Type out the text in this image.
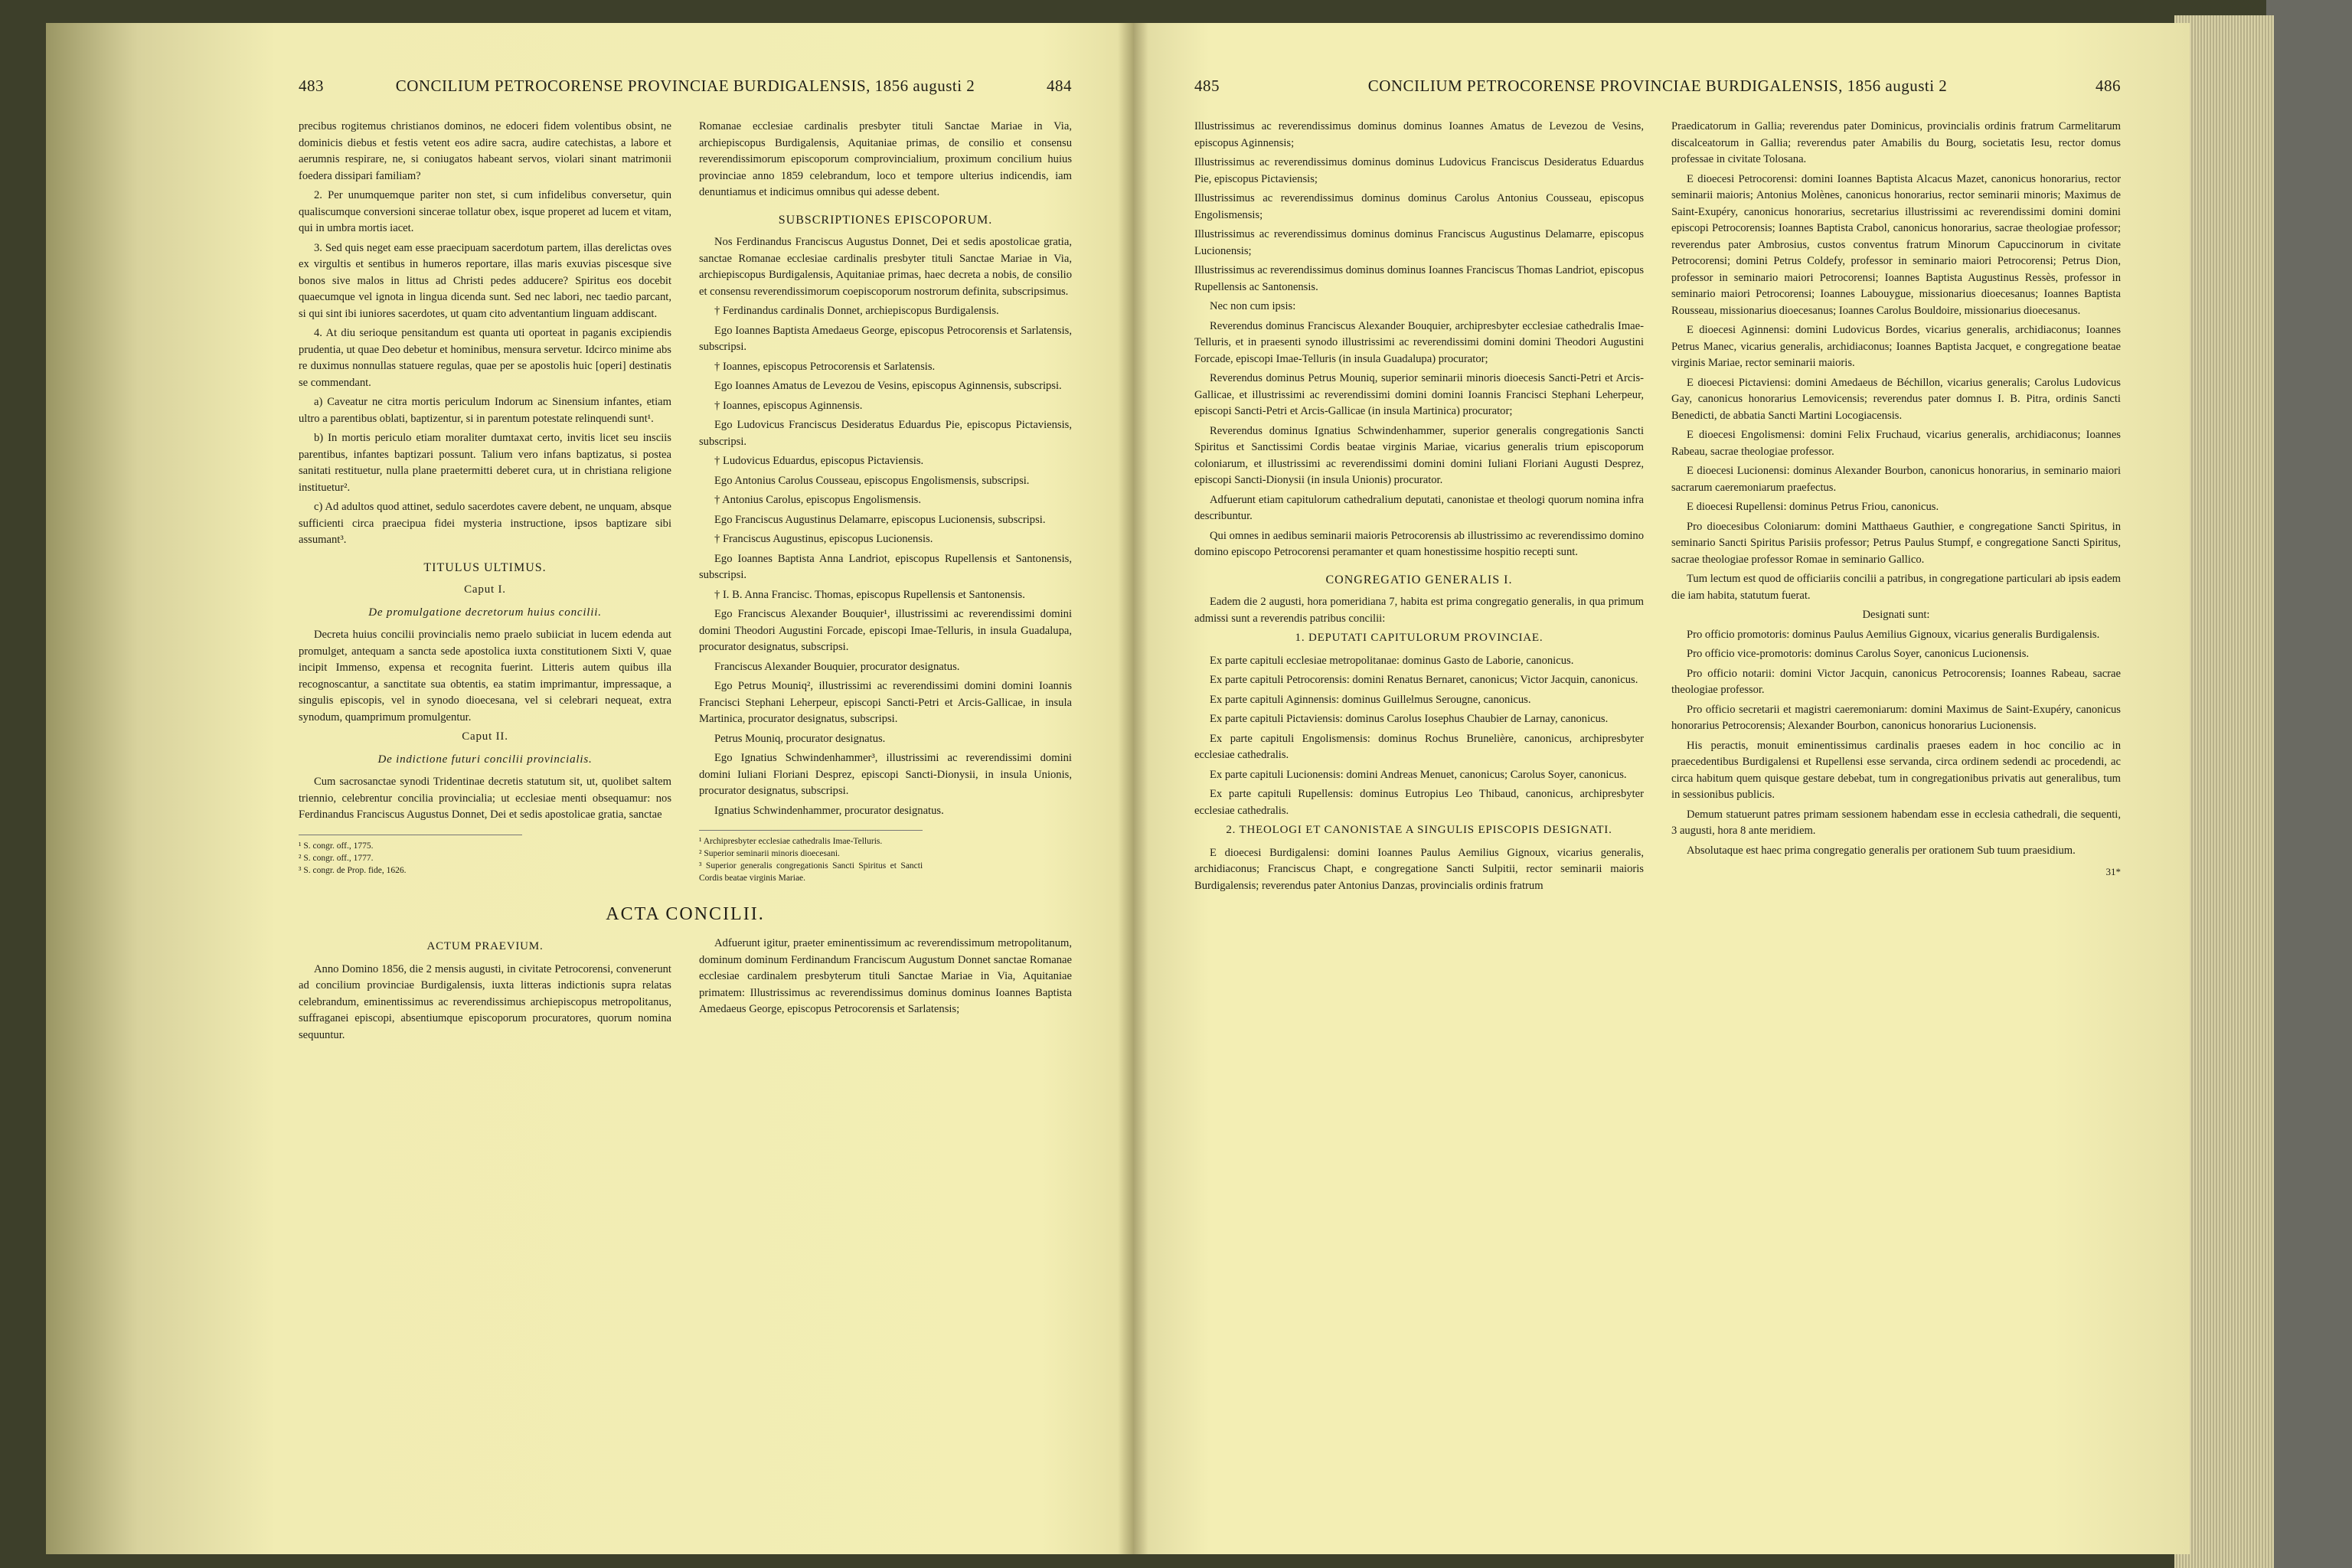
483	CONCILIUM PETROCORENSE PROVINCIAE BURDIGALENSIS, 1856 augusti 2	484

precibus rogitemus christianos dominos, ne edoceri fidem volentibus obsint, ne dominicis diebus et festis vetent eos adire sacra, audire catechistas, a labore et aerumnis respirare, ne, si coniugatos habeant servos, violari sinant matrimonii foedera dissipari familiam?

2. Per unumquemque pariter non stet, si cum infidelibus conversetur, quin qualiscumque conversioni sincerae tollatur obex, isque properet ad lucem et vitam, qui in umbra mortis iacet.

3. Sed quis neget eam esse praecipuam sacerdotum partem, illas derelictas oves ex virgultis et sentibus in humeros reportare, illas maris exuvias piscesque sive bonos sive malos in littus ad Christi pedes adducere? Spiritus eos docebit quaecumque vel ignota in lingua dicenda sunt. Sed nec labori, nec taedio parcant, si qui sint ibi iuniores sacerdotes, ut quam cito adventantium linguam addiscant.

4. At diu serioque pensitandum est quanta uti oporteat in paganis excipiendis prudentia, ut quae Deo debetur et hominibus, mensura servetur. Idcirco minime abs re duximus nonnullas statuere regulas, quae per se apostolis huic [operi] destinatis se commendant.

a) Caveatur ne citra mortis periculum Indorum ac Sinensium infantes, etiam ultro a parentibus oblati, baptizentur, si in parentum potestate relinquendi sunt¹.

b) In mortis periculo etiam moraliter dumtaxat certo, invitis licet seu insciis parentibus, infantes baptizari possunt. Talium vero infans baptizatus, si postea sanitati restituetur, nulla plane praetermitti deberet cura, ut in christiana religione instituetur².

c) Ad adultos quod attinet, sedulo sacerdotes cavere debent, ne unquam, absque sufficienti circa praecipua fidei mysteria instructione, ipsos baptizare sibi assumant³.

TITULUS ULTIMUS.
Caput I.
De promulgatione decretorum huius concilii.

Decreta huius concilii provincialis nemo praelo subiiciat in lucem edenda aut promulget, antequam a sancta sede apostolica iuxta constitutionem Sixti V, quae incipit Immenso, expensa et recognita fuerint. Litteris autem quibus illa recognoscantur, a sanctitate sua obtentis, ea statim imprimantur, impressaque, a singulis episcopis, vel in synodo dioecesana, vel si celebrari nequeat, extra synodum, quamprimum promulgentur.

Caput II.
De indictione futuri concilii provincialis.

Cum sacrosanctae synodi Tridentinae decretis statutum sit, ut, quolibet saltem triennio, celebrentur concilia provincialia; ut ecclesiae menti obsequamur: nos Ferdinandus Franciscus Augustus Donnet, Dei et sedis apostolicae gratia, sanctae

¹ S. congr. off., 1775.
² S. congr. off., 1777.
³ S. congr. de Prop. fide, 1626.

Romanae ecclesiae cardinalis presbyter tituli Sanctae Mariae in Via, archiepiscopus Burdigalensis, Aquitaniae primas, de consilio et consensu reverendissimorum episcoporum comprovincialium, proximum concilium huius provinciae anno 1859 celebrandum, loco et tempore ulterius indicendis, iam denuntiamus et indicimus omnibus qui adesse debent.

SUBSCRIPTIONES EPISCOPORUM.

Nos Ferdinandus Franciscus Augustus Donnet, Dei et sedis apostolicae gratia, sanctae Romanae ecclesiae cardinalis presbyter tituli Sanctae Mariae in Via, archiepiscopus Burdigalensis, Aquitaniae primas, haec decreta a nobis, de consilio et consensu reverendissimorum coepiscoporum nostrorum definita, subscripsimus.

† Ferdinandus cardinalis Donnet, archiepiscopus Burdigalensis.

Ego Ioannes Baptista Amedaeus George, episcopus Petrocorensis et Sarlatensis, subscripsi.

† Ioannes, episcopus Petrocorensis et Sarlatensis.

Ego Ioannes Amatus de Levezou de Vesins, episcopus Aginnensis, subscripsi.

† Ioannes, episcopus Aginnensis.

Ego Ludovicus Franciscus Desideratus Eduardus Pie, episcopus Pictaviensis, subscripsi.

† Ludovicus Eduardus, episcopus Pictaviensis.

Ego Antonius Carolus Cousseau, episcopus Engolismensis, subscripsi.

† Antonius Carolus, episcopus Engolismensis.

Ego Franciscus Augustinus Delamarre, episcopus Lucionensis, subscripsi.

† Franciscus Augustinus, episcopus Lucionensis.

Ego Ioannes Baptista Anna Landriot, episcopus Rupellensis et Santonensis, subscripsi.

† I. B. Anna Francisc. Thomas, episcopus Rupellensis et Santonensis.

Ego Franciscus Alexander Bouquier¹, illustrissimi ac reverendissimi domini domini Theodori Augustini Forcade, episcopi Imae-Telluris, in insula Guadalupa, procurator designatus, subscripsi.

Franciscus Alexander Bouquier, procurator designatus.

Ego Petrus Mouniq², illustrissimi ac reverendissimi domini domini Ioannis Francisci Stephani Leherpeur, episcopi Sancti-Petri et Arcis-Gallicae, in insula Martinica, procurator designatus, subscripsi.

Petrus Mouniq, procurator designatus.

Ego Ignatius Schwindenhammer³, illustrissimi ac reverendissimi domini domini Iuliani Floriani Desprez, episcopi Sancti-Dionysii, in insula Unionis, procurator designatus, subscripsi.

Ignatius Schwindenhammer, procurator designatus.

¹ Archipresbyter ecclesiae cathedralis Imae-Telluris.
² Superior seminarii minoris dioecesani.
³ Superior generalis congregationis Sancti Spiritus et Sancti Cordis beatae virginis Mariae.
ACTA CONCILII.
ACTUM PRAEVIUM.

Anno Domino 1856, die 2 mensis augusti, in civitate Petrocorensi, convenerunt ad concilium provinciae Burdigalensis, iuxta litteras indictionis supra relatas celebrandum, eminentissimus ac reverendissimus archiepiscopus metropolitanus, suffraganei episcopi, absentiumque episcoporum procuratores, quorum nomina sequuntur.

Adfuerunt igitur, praeter eminentissimum ac reverendissimum metropolitanum, dominum dominum Ferdinandum Franciscum Augustum Donnet sanctae Romanae ecclesiae cardinalem presbyterum tituli Sanctae Mariae in Via, Aquitaniae primatem: Illustrissimus ac reverendissimus dominus dominus Ioannes Baptista Amedaeus George, episcopus Petrocorensis et Sarlatensis;

485	CONCILIUM PETROCORENSE PROVINCIAE BURDIGALENSIS, 1856 augusti 2	486

Illustrissimus ac reverendissimus dominus dominus Ioannes Amatus de Levezou de Vesins, episcopus Aginnensis;

Illustrissimus ac reverendissimus dominus dominus Ludovicus Franciscus Desideratus Eduardus Pie, episcopus Pictaviensis;

Illustrissimus ac reverendissimus dominus dominus Carolus Antonius Cousseau, episcopus Engolismensis;

Illustrissimus ac reverendissimus dominus dominus Franciscus Augustinus Delamarre, episcopus Lucionensis;

Illustrissimus ac reverendissimus dominus dominus Ioannes Franciscus Thomas Landriot, episcopus Rupellensis ac Santonensis.

Nec non cum ipsis:

Reverendus dominus Franciscus Alexander Bouquier, archipresbyter ecclesiae cathedralis Imae-Telluris, et in praesenti synodo illustrissimi ac reverendissimi domini domini Theodori Augustini Forcade, episcopi Imae-Telluris (in insula Guadalupa) procurator;

Reverendus dominus Petrus Mouniq, superior seminarii minoris dioecesis Sancti-Petri et Arcis-Gallicae, et illustrissimi ac reverendissimi domini domini Ioannis Francisci Stephani Leherpeur, episcopi Sancti-Petri et Arcis-Gallicae (in insula Martinica) procurator;

Reverendus dominus Ignatius Schwindenhammer, superior generalis congregationis Sancti Spiritus et Sanctissimi Cordis beatae virginis Mariae, vicarius generalis trium episcoporum coloniarum, et illustrissimi ac reverendissimi domini domini Iuliani Floriani Augusti Desprez, episcopi Sancti-Dionysii (in insula Unionis) procurator.

Adfuerunt etiam capitulorum cathedralium deputati, canonistae et theologi quorum nomina infra describuntur.

Qui omnes in aedibus seminarii maioris Petrocorensis ab illustrissimo ac reverendissimo domino domino episcopo Petrocorensi peramanter et quam honestissime hospitio recepti sunt.

CONGREGATIO GENERALIS I.

Eadem die 2 augusti, hora pomeridiana 7, habita est prima congregatio generalis, in qua primum admissi sunt a reverendis patribus concilii:

1. DEPUTATI CAPITULORUM PROVINCIAE.

Ex parte capituli ecclesiae metropolitanae: dominus Gasto de Laborie, canonicus.

Ex parte capituli Petrocorensis: domini Renatus Bernaret, canonicus; Victor Jacquin, canonicus.

Ex parte capituli Aginnensis: dominus Guillelmus Serougne, canonicus.

Ex parte capituli Pictaviensis: dominus Carolus Iosephus Chaubier de Larnay, canonicus.

Ex parte capituli Engolismensis: dominus Rochus Brunelière, canonicus, archipresbyter ecclesiae cathedralis.

Ex parte capituli Lucionensis: domini Andreas Menuet, canonicus; Carolus Soyer, canonicus.

Ex parte capituli Rupellensis: dominus Eutropius Leo Thibaud, canonicus, archipresbyter ecclesiae cathedralis.

2. THEOLOGI ET CANONISTAE A SINGULIS EPISCOPIS DESIGNATI.

E dioecesi Burdigalensi: domini Ioannes Paulus Aemilius Gignoux, vicarius generalis, archidiaconus; Franciscus Chapt, e congregatione Sancti Sulpitii, rector seminarii maioris Burdigalensis; reverendus pater Antonius Danzas, provincialis ordinis fratrum

Praedicatorum in Gallia; reverendus pater Dominicus, provincialis ordinis fratrum Carmelitarum discalceatorum in Gallia; reverendus pater Amabilis du Bourg, societatis Iesu, rector domus professae in civitate Tolosana.

E dioecesi Petrocorensi: domini Ioannes Baptista Alcacus Mazet, canonicus honorarius, rector seminarii maioris; Antonius Molènes, canonicus honorarius, rector seminarii minoris; Maximus de Saint-Exupéry, canonicus honorarius, secretarius illustrissimi ac reverendissimi domini domini episcopi Petrocorensis; Ioannes Baptista Crabol, canonicus honorarius, sacrae theologiae professor; reverendus pater Ambrosius, custos conventus fratrum Minorum Capuccinorum in civitate Petrocorensi; domini Petrus Coldefy, professor in seminario maiori Petrocorensi; Petrus Dion, professor in seminario maiori Petrocorensi; Ioannes Baptista Augustinus Ressès, professor in seminario maiori Petrocorensi; Ioannes Labouygue, missionarius dioecesanus; Ioannes Baptista Rousseau, missionarius dioecesanus; Ioannes Carolus Bouldoire, missionarius dioecesanus.

E dioecesi Aginnensi: domini Ludovicus Bordes, vicarius generalis, archidiaconus; Ioannes Petrus Manec, vicarius generalis, archidiaconus; Ioannes Baptista Jacquet, e congregatione beatae virginis Mariae, rector seminarii maioris.

E dioecesi Pictaviensi: domini Amedaeus de Béchillon, vicarius generalis; Carolus Ludovicus Gay, canonicus honorarius Lemovicensis; reverendus pater domnus I. B. Pitra, ordinis Sancti Benedicti, de abbatia Sancti Martini Locogiacensis.

E dioecesi Engolismensi: domini Felix Fruchaud, vicarius generalis, archidiaconus; Ioannes Rabeau, sacrae theologiae professor.

E dioecesi Lucionensi: dominus Alexander Bourbon, canonicus honorarius, in seminario maiori sacrarum caeremoniarum praefectus.

E dioecesi Rupellensi: dominus Petrus Friou, canonicus.

Pro dioecesibus Coloniarum: domini Matthaeus Gauthier, e congregatione Sancti Spiritus, in seminario Sancti Spiritus Parisiis professor; Petrus Paulus Stumpf, e congregatione Sancti Spiritus, sacrae theologiae professor Romae in seminario Gallico.

Tum lectum est quod de officiariis concilii a patribus, in congregatione particulari ab ipsis eadem die iam habita, statutum fuerat.

Designati sunt:

Pro officio promotoris: dominus Paulus Aemilius Gignoux, vicarius generalis Burdigalensis.

Pro officio vice-promotoris: dominus Carolus Soyer, canonicus Lucionensis.

Pro officio notarii: domini Victor Jacquin, canonicus Petrocorensis; Ioannes Rabeau, sacrae theologiae professor.

Pro officio secretarii et magistri caeremoniarum: domini Maximus de Saint-Exupéry, canonicus honorarius Petrocorensis; Alexander Bourbon, canonicus honorarius Lucionensis.

His peractis, monuit eminentissimus cardinalis praeses eadem in hoc concilio ac in praecedentibus Burdigalensi et Rupellensi esse servanda, circa ordinem sedendi ac procedendi, ac circa habitum quem quisque gestare debebat, tum in congregationibus privatis aut generalibus, tum in sessionibus publicis.

Demum statuerunt patres primam sessionem habendam esse in ecclesia cathedrali, die sequenti, 3 augusti, hora 8 ante meridiem.

Absolutaque est haec prima congregatio generalis per orationem Sub tuum praesidium.

31*
